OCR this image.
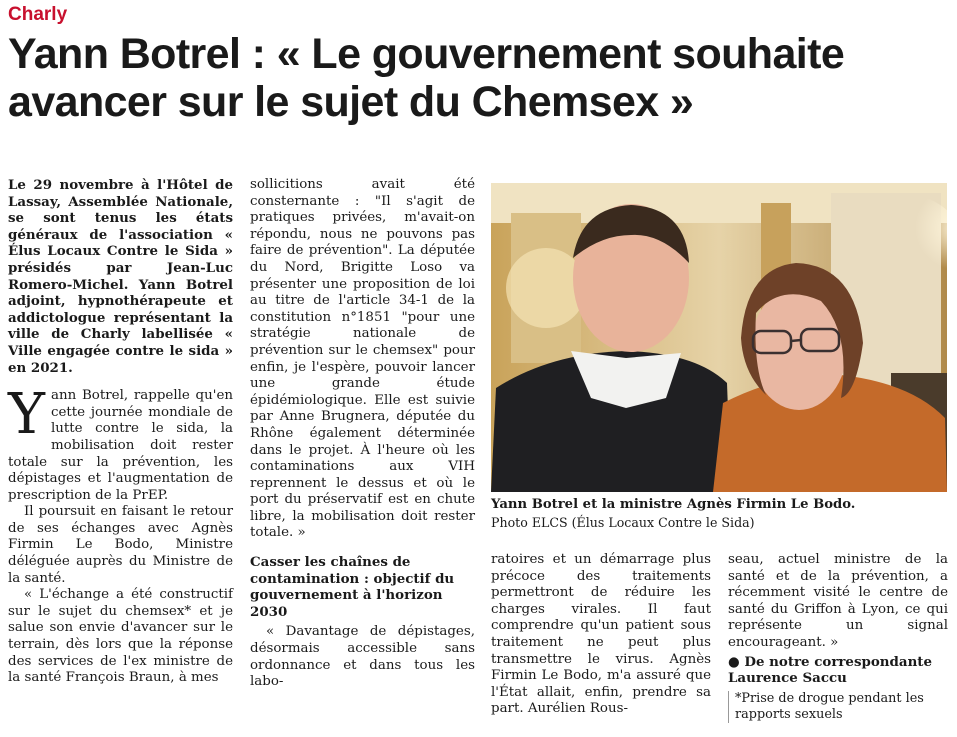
Charly
Yann Botrel : « Le gouvernement souhaite avancer sur le sujet du Chemsex »

Le 29 novembre à l'Hôtel de Lassay, Assemblée Nationale, se sont tenus les états généraux de l'association « Élus Locaux Contre le Sida » présidés par Jean-Luc Romero-Michel. Yann Botrel adjoint, hypnothérapeute et addictologue représentant la ville de Charly labellisée « Ville engagée contre le sida » en 2021.

Yann Botrel, rappelle qu'en cette journée mondiale de lutte contre le sida, la mobilisation doit rester totale sur la prévention, les dépistages et l'augmentation de prescription de la PrEP.

Il poursuit en faisant le retour de ses échanges avec Agnès Firmin Le Bodo, Ministre déléguée auprès du Ministre de la santé.

« L'échange a été constructif sur le sujet du chemsex* et je salue son envie d'avancer sur le terrain, dès lors que la réponse des services de l'ex ministre de la santé François Braun, à mes

sollicitions avait été consternante : "Il s'agit de pratiques privées, m'avait-on répondu, nous ne pouvons pas faire de prévention". La députée du Nord, Brigitte Loso va présenter une proposition de loi au titre de l'article 34-1 de la constitution n°1851 "pour une stratégie nationale de prévention sur le chemsex" pour enfin, je l'espère, pouvoir lancer une grande étude épidémiologique. Elle est suivie par Anne Brugnera, députée du Rhône également déterminée dans le projet. À l'heure où les contaminations aux VIH reprennent le dessus et où le port du préservatif est en chute libre, la mobilisation doit rester totale. »

Casser les chaînes de contamination : objectif du gouvernement à l'horizon 2030

« Davantage de dépistages, désormais accessible sans ordonnance et dans tous les labo-

Yann Botrel et la ministre Agnès Firmin Le Bodo.
Photo ELCS (Élus Locaux Contre le Sida)

ratoires et un démarrage plus précoce des traitements permettront de réduire les charges virales. Il faut comprendre qu'un patient sous traitement ne peut plus transmettre le virus. Agnès Firmin Le Bodo, m'a assuré que l'État allait, enfin, prendre sa part. Aurélien Rous-

seau, actuel ministre de la santé et de la prévention, a récemment visité le centre de santé du Griffon à Lyon, ce qui représente un signal encourageant. »

● De notre correspondante

Laurence Saccu

*Prise de drogue pendant les rapports sexuels
